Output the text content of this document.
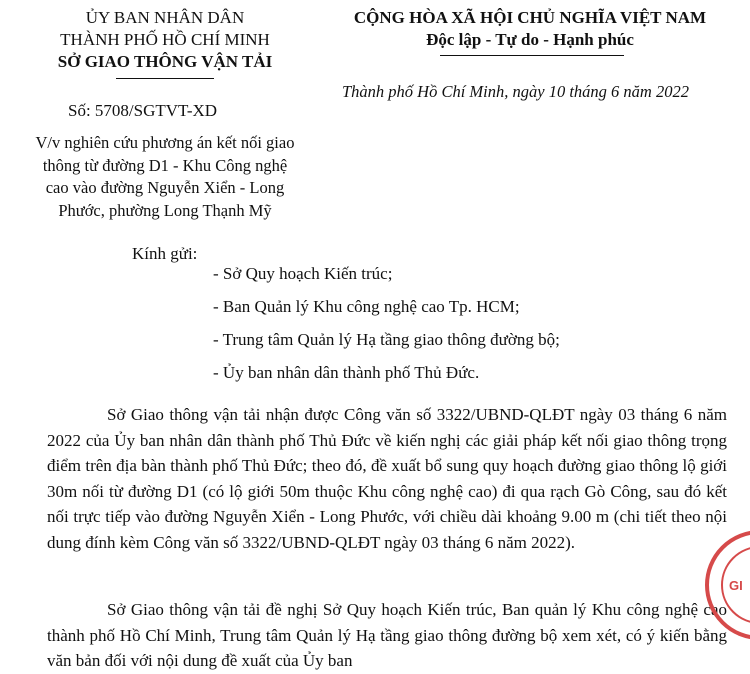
ỦY BAN NHÂN DÂN
THÀNH PHỐ HỒ CHÍ MINH
SỞ GIAO THÔNG VẬN TẢI
CỘNG HÒA XÃ HỘI CHỦ NGHĨA VIỆT NAM
Độc lập - Tự do - Hạnh phúc
Thành phố Hồ Chí Minh, ngày 10 tháng 6 năm 2022
Số: 5708/SGTVT-XD
V/v nghiên cứu phương án kết nối giao
thông từ đường D1 - Khu Công nghệ
cao vào đường Nguyễn Xiển - Long
Phước, phường Long Thạnh Mỹ
Kính gửi:
- Sở Quy hoạch Kiến trúc;
- Ban Quản lý Khu công nghệ cao Tp. HCM;
- Trung tâm Quản lý Hạ tầng giao thông đường bộ;
- Ủy ban nhân dân thành phố Thủ Đức.
Sở Giao thông vận tải nhận được Công văn số 3322/UBND-QLĐT ngày 03 tháng 6 năm 2022 của Ủy ban nhân dân thành phố Thủ Đức về kiến nghị các giải pháp kết nối giao thông trọng điểm trên địa bàn thành phố Thủ Đức; theo đó, đề xuất bổ sung quy hoạch đường giao thông lộ giới 30m nối từ đường D1 (có lộ giới 50m thuộc Khu công nghệ cao) đi qua rạch Gò Công, sau đó kết nối trực tiếp vào đường Nguyễn Xiển - Long Phước, với chiều dài khoảng 9.00 m (chi tiết theo nội dung đính kèm Công văn số 3322/UBND-QLĐT ngày 03 tháng 6 năm 2022).
Sở Giao thông vận tải đề nghị Sở Quy hoạch Kiến trúc, Ban quản lý Khu công nghệ cao thành phố Hồ Chí Minh, Trung tâm Quản lý Hạ tầng giao thông đường bộ xem xét, có ý kiến bằng văn bản đối với nội dung đề xuất của Ủy ban
GI
